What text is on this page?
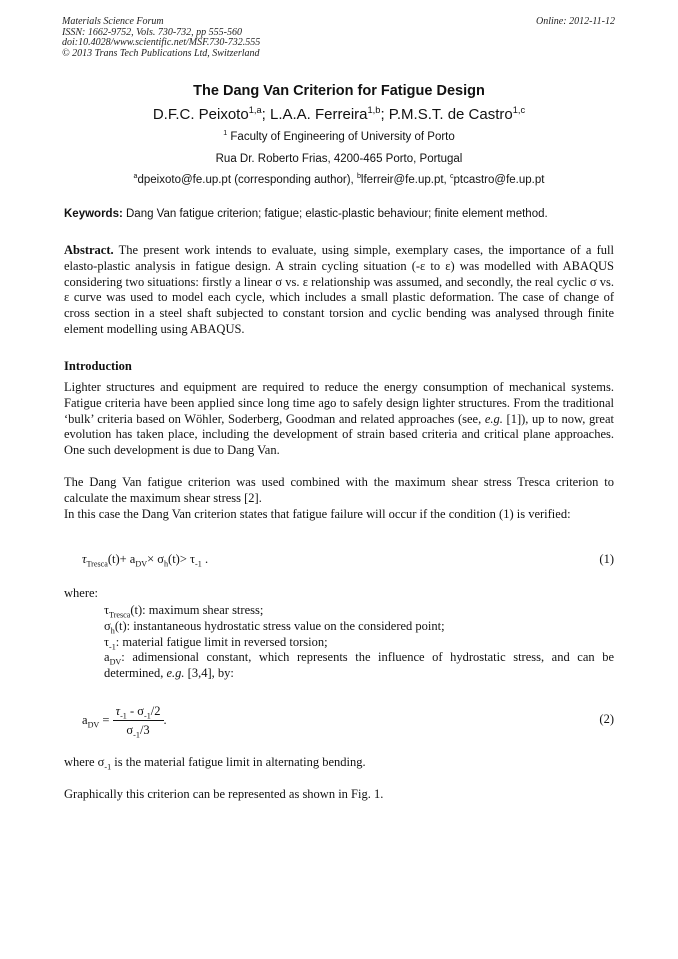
Materials Science Forum
ISSN: 1662-9752, Vols. 730-732, pp 555-560
doi:10.4028/www.scientific.net/MSF.730-732.555
© 2013 Trans Tech Publications Ltd, Switzerland
Online: 2012-11-12
The Dang Van Criterion for Fatigue Design
D.F.C. Peixoto$^{1,a}$; L.A.A. Ferreira$^{1,b}$; P.M.S.T. de Castro$^{1,c}$
$^1$ Faculty of Engineering of University of Porto
Rua Dr. Roberto Frias, 4200-465 Porto, Portugal
$^a$dpeixoto@fe.up.pt (corresponding author), $^b$lferreir@fe.up.pt, $^c$ptcastro@fe.up.pt
Keywords: Dang Van fatigue criterion; fatigue; elastic-plastic behaviour; finite element method.
Abstract. The present work intends to evaluate, using simple, exemplary cases, the importance of a full elasto-plastic analysis in fatigue design. A strain cycling situation (-ε to ε) was modelled with ABAQUS considering two situations: firstly a linear σ vs. ε relationship was assumed, and secondly, the real cyclic σ vs. ε curve was used to model each cycle, which includes a small plastic deformation. The case of change of cross section in a steel shaft subjected to constant torsion and cyclic bending was analysed through finite element modelling using ABAQUS.
Introduction
Lighter structures and equipment are required to reduce the energy consumption of mechanical systems. Fatigue criteria have been applied since long time ago to safely design lighter structures. From the traditional ‘bulk’ criteria based on Wöhler, Soderberg, Goodman and related approaches (see, e.g. [1]), up to now, great evolution has taken place, including the development of strain based criteria and critical plane approaches. One such development is due to Dang Van.
The Dang Van fatigue criterion was used combined with the maximum shear stress Tresca criterion to calculate the maximum shear stress [2].
In this case the Dang Van criterion states that fatigue failure will occur if the condition (1) is verified:
$\tau_{Tresca}(t)+ a_{DV}\times \sigma_h(t)> \tau_{-1}$ .	(1)
where:
$\tau_{Tresca}(t)$: maximum shear stress;
$\sigma_h(t)$: instantaneous hydrostatic stress value on the considered point;
$\tau_{-1}$: material fatigue limit in reversed torsion;
$a_{DV}$: adimensional constant, which represents the influence of hydrostatic stress, and can be determined, e.g. [3,4], by:
$a_{DV} = \frac{\tau_{-1} - \sigma_{-1}/2}{\sigma_{-1}/3}$ .	(2)
where $\sigma_{-1}$ is the material fatigue limit in alternating bending.
Graphically this criterion can be represented as shown in Fig. 1.
